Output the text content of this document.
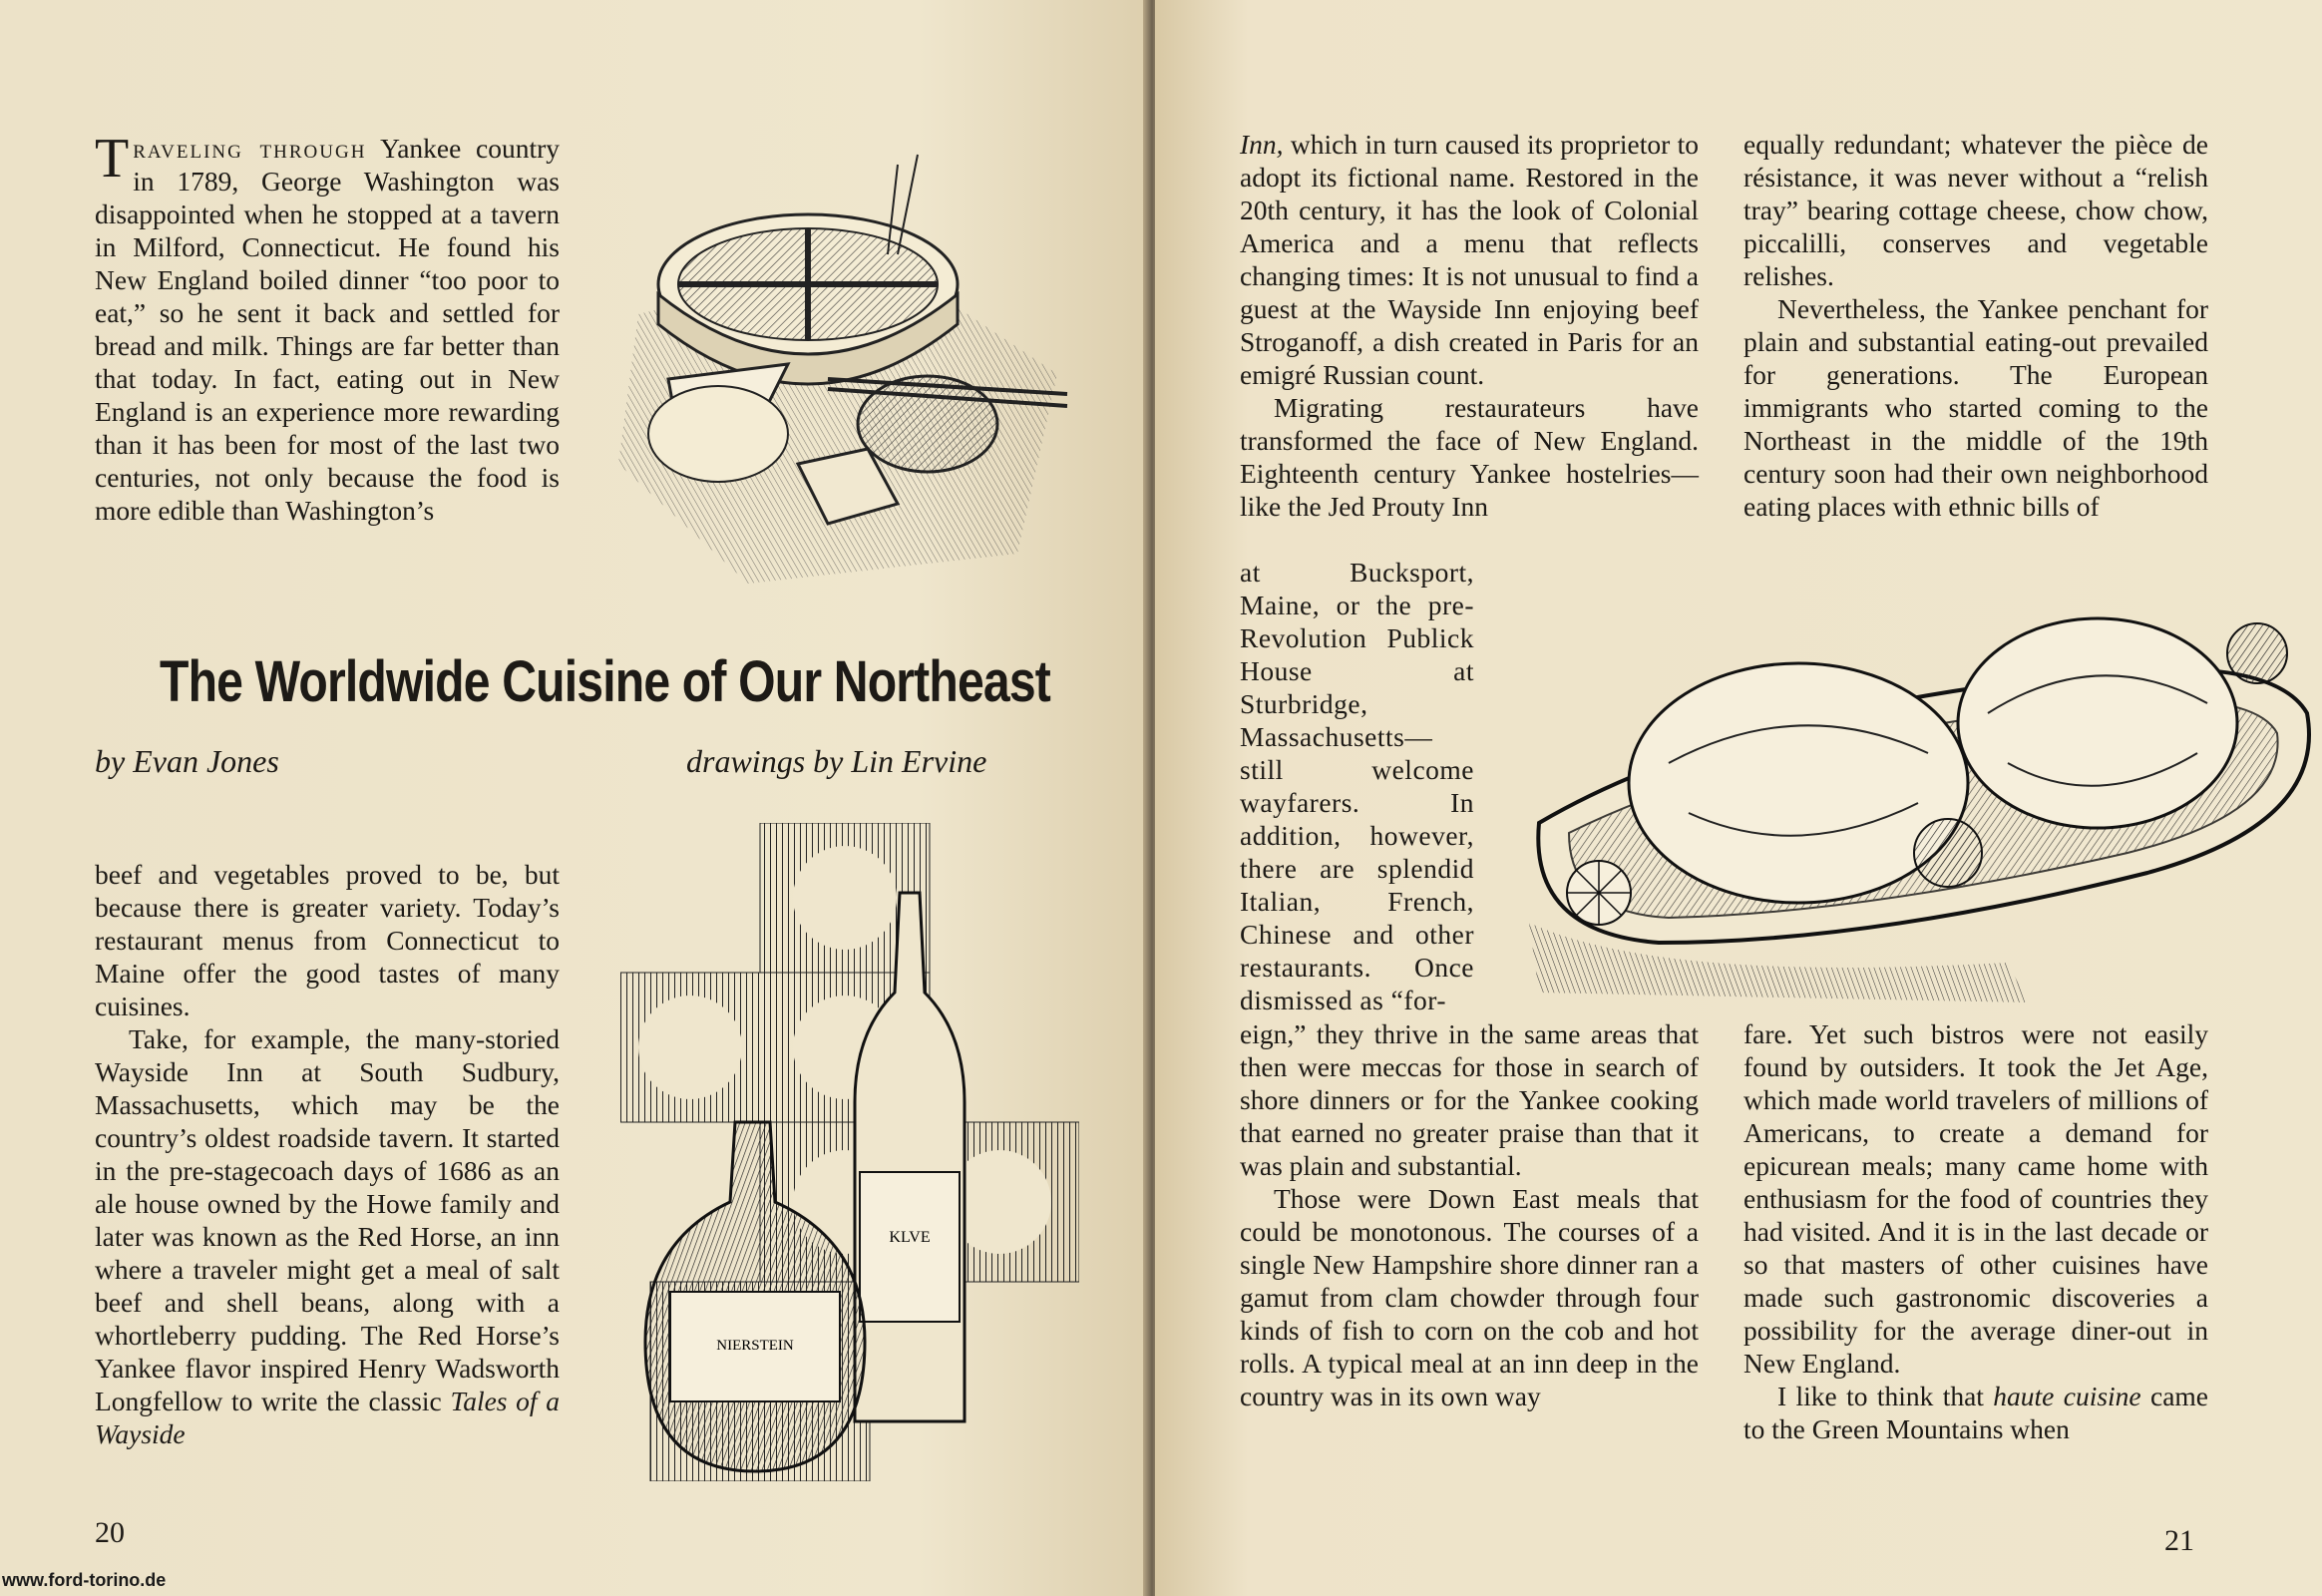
Traveling through Yankee country in 1789, George Washington was disappointed when he stopped at a tavern in Milford, Connecticut. He found his New England boiled dinner “too poor to eat,” so he sent it back and settled for bread and milk. Things are far better than that today. In fact, eating out in New England is an experience more rewarding than it has been for most of the last two centuries, not only because the food is more edible than Washington’s

The Worldwide Cuisine of Our Northeast
by Evan Jones	drawings by Lin Ervine

beef and vegetables proved to be, but because there is greater variety. Today’s restaurant menus from Connecticut to Maine offer the good tastes of many cuisines.

Take, for example, the many-storied Wayside Inn at South Sudbury, Massachusetts, which may be the country’s oldest roadside tavern. It started in the pre-stagecoach days of 1686 as an ale house owned by the Howe family and later was known as the Red Horse, an inn where a traveler might get a meal of salt beef and shell beans, along with a whortleberry pudding. The Red Horse’s Yankee flavor inspired Henry Wadsworth Longfellow to write the classic Tales of a Wayside

KLVE
NIERSTEIN
20
www.ford-torino.de

Inn, which in turn caused its proprietor to adopt its fictional name. Restored in the 20th century, it has the look of Colonial America and a menu that reflects changing times: It is not unusual to find a guest at the Wayside Inn enjoying beef Stroganoff, a dish created in Paris for an emigré Russian count.

Migrating restaurateurs have transformed the face of New England. Eighteenth century Yankee hostelries—like the Jed Prouty Inn

at Bucksport, Maine, or the pre-Revolution Publick House at Sturbridge, Massachusetts—still welcome wayfarers. In addition, however, there are splendid Italian, French, Chinese and other restaurants. Once dismissed as “for-

eign,” they thrive in the same areas that then were meccas for those in search of shore dinners or for the Yankee cooking that earned no greater praise than that it was plain and substantial.

Those were Down East meals that could be monotonous. The courses of a single New Hampshire shore dinner ran a gamut from clam chowder through four kinds of fish to corn on the cob and hot rolls. A typical meal at an inn deep in the country was in its own way

equally redundant; whatever the pièce de résistance, it was never without a “relish tray” bearing cottage cheese, chow chow, piccalilli, conserves and vegetable relishes.

Nevertheless, the Yankee penchant for plain and substantial eating-out prevailed for generations. The European immigrants who started coming to the Northeast in the middle of the 19th century soon had their own neighborhood eating places with ethnic bills of

fare. Yet such bistros were not easily found by outsiders. It took the Jet Age, which made world travelers of millions of Americans, to create a demand for epicurean meals; many came home with enthusiasm for the food of countries they had visited. And it is in the last decade or so that masters of other cuisines have made such gastronomic discoveries a possibility for the average diner-out in New England.

I like to think that haute cuisine came to the Green Mountains when

21
